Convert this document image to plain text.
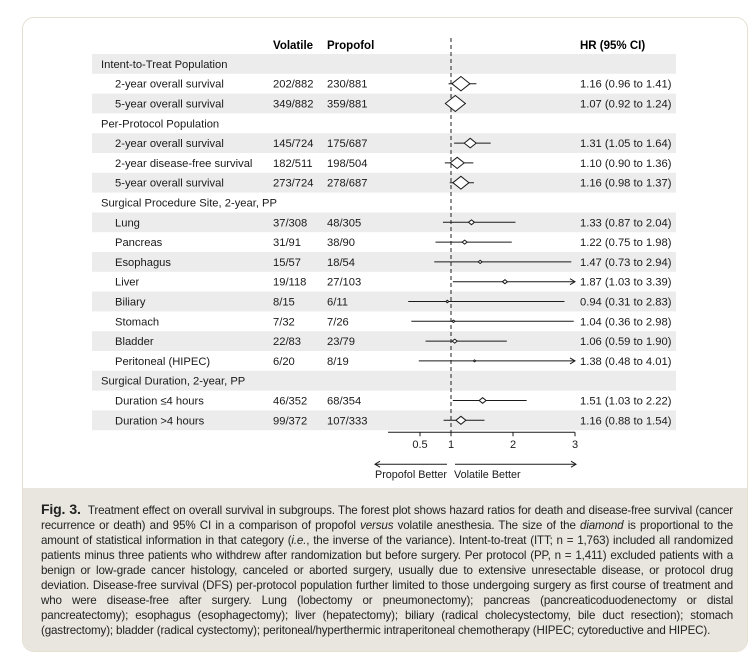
Volatile Propofol	HR (95% CI)
Intent-to-Treat Population
2-year overall survival	202/882 230/881	1.16 (0.96 to 1.41)
5-year overall survival	349/882 359/881	1.07 (0.92 to 1.24)
Per-Protocol Population
2-year overall survival	145/724 175/687	1.31 (1.05 to 1.64)
2-year disease-free survival 182/511 198/504	1.10 (0.90 to 1.36)
5-year overall survival	273/724 278/687	1.16 (0.98 to 1.37)
Surgical Procedure Site, 2-year, PP
Lung	37/308 48/305	1.33 (0.87 to 2.04)
Pancreas	31/91 38/90	1.22 (0.75 to 1.98)
Esophagus	15/57 18/54	1.47 (0.73 to 2.94)
Liver	19/118 27/103	1.87 (1.03 to 3.39)
Biliary	8/15	6/11	0.94 (0.31 to 2.83)
Stomach	7/32	7/26	1.04 (0.36 to 2.98)
Bladder	22/83 23/79	1.06 (0.59 to 1.90)
Peritoneal (HIPEC)	6/20	8/19	1.38 (0.48 to 4.01)
Surgical Duration, 2-year, PP
Duration ≤4 hours	46/352 68/354	1.51 (1.03 to 2.22)
Duration >4 hours	99/372 107/333	1.16 (0.88 to 1.54)
0.5 1	2	3
Propofol Better Volatile Better
Fig. 3. Treatment effect on overall survival in subgroups. The forest plot shows hazard ratios for death and disease-free survival (cancer recurrence or death) and 95% CI in a comparison of propofol versus volatile anesthesia. The size of the diamond is proportional to the amount of statistical information in that category (i.e., the inverse of the variance). Intent-to-treat (ITT; n = 1,763) included all randomized patients minus three patients who withdrew after randomization but before surgery. Per protocol (PP, n = 1,411) excluded patients with a benign or low-grade cancer histology, canceled or aborted surgery, usually due to extensive unresectable disease, or protocol drug deviation. Disease-free survival (DFS) per-protocol population further limited to those undergoing surgery as first course of treatment and who were disease-free after surgery. Lung (lobectomy or pneumonectomy); pancreas (pancreaticoduodenectomy or distal pancreatectomy); esophagus (esophagectomy); liver (hepatectomy); biliary (radical cholecystectomy, bile duct resection); stomach (gastrectomy); bladder (radical cystectomy); peritoneal/hyperthermic intraperitoneal chemotherapy (HIPEC; cytoreductive and HIPEC).
